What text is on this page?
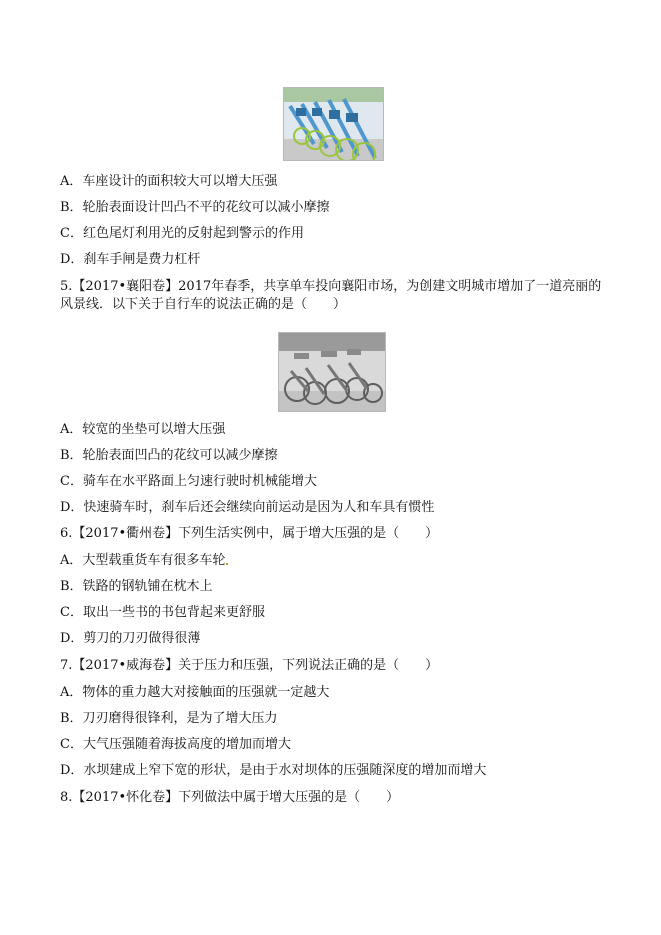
A．车座设计的面积较大可以增大压强
B．轮胎表面设计凹凸不平的花纹可以减小摩擦
C．红色尾灯利用光的反射起到警示的作用
D．刹车手闸是费力杠杆
5.【2017•襄阳卷】2017年春季，共享单车投向襄阳市场，为创建文明城市增加了一道亮丽的风景线．以下关于自行车的说法正确的是（　　）
A．较宽的坐垫可以增大压强
B．轮胎表面凹凸的花纹可以减少摩擦
C．骑车在水平路面上匀速行驶时机械能增大
D．快速骑车时，刹车后还会继续向前运动是因为人和车具有惯性
6.【2017•衢州卷】下列生活实例中，属于增大压强的是（　　）
A．大型载重货车有很多车轮
B．铁路的钢轨铺在枕木上
C．取出一些书的书包背起来更舒服
D．剪刀的刀刃做得很薄
7.【2017•威海卷】关于压力和压强，下列说法正确的是（　　）
A．物体的重力越大对接触面的压强就一定越大
B．刀刃磨得很锋利，是为了增大压力
C．大气压强随着海拔高度的增加而增大
D．水坝建成上窄下宽的形状，是由于水对坝体的压强随深度的增加而增大
8.【2017•怀化卷】下列做法中属于增大压强的是（　　）
